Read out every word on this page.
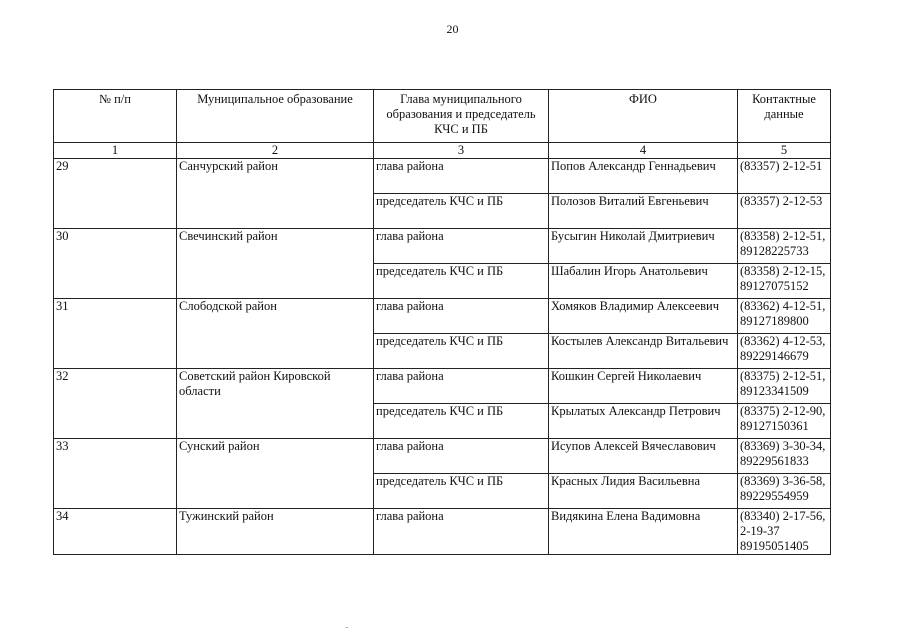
20
№ п/п	Муниципальное образование	Глава муниципального образования и председатель КЧС и ПБ	ФИО	Контактные данные
1	2	3	4	5
29	Санчурский район	глава района	Попов Александр Геннадьевич	(83357) 2-12-51
		председатель КЧС и ПБ	Полозов Виталий Евгеньевич	(83357) 2-12-53
30	Свечинский район	глава района	Бусыгин Николай Дмитриевич	(83358) 2-12-51, 89128225733
		председатель КЧС и ПБ	Шабалин Игорь Анатольевич	(83358) 2-12-15, 89127075152
31	Слободской район	глава района	Хомяков Владимир Алексеевич	(83362) 4-12-51, 89127189800
		председатель КЧС и ПБ	Костылев Александр Витальевич	(83362) 4-12-53, 89229146679
32	Советский район Кировской области	глава района	Кошкин Сергей Николаевич	(83375) 2-12-51, 89123341509
		председатель КЧС и ПБ	Крылатых Александр Петрович	(83375) 2-12-90, 89127150361
33	Сунский район	глава района	Исупов Алексей Вячеславович	(83369) 3-30-34, 89229561833
		председатель КЧС и ПБ	Красных Лидия Васильевна	(83369) 3-36-58, 89229554959
34	Тужинский район	глава района	Видякина Елена Вадимовна	(83340) 2-17-56, 2-19-37 89195051405
-
